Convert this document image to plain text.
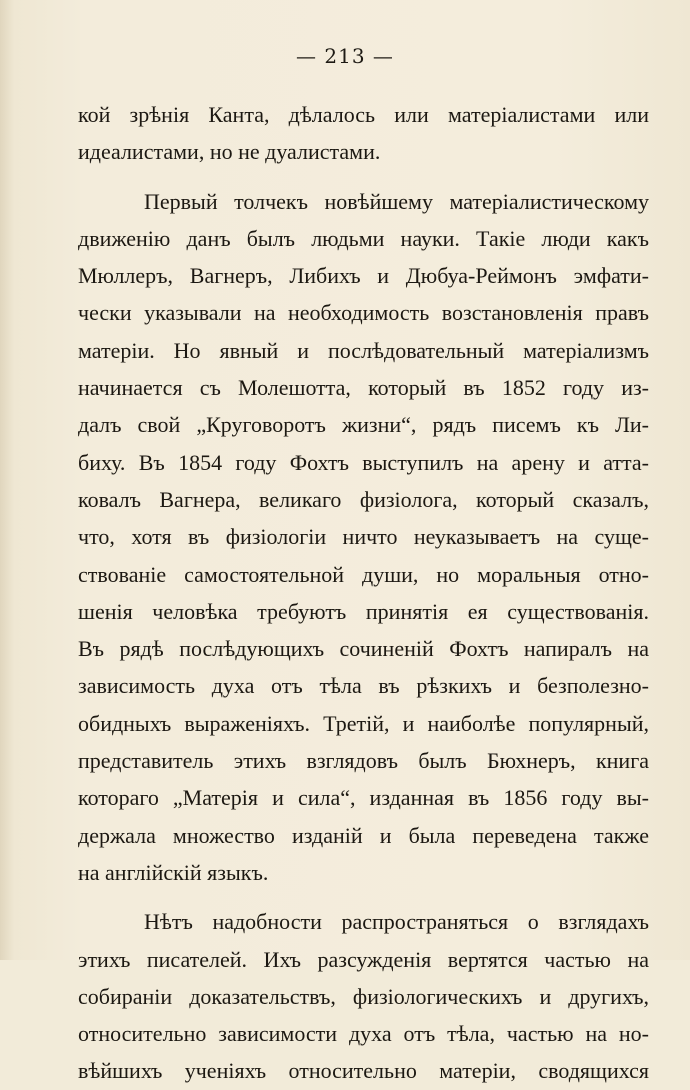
— 213 —
кой зрѣнія Канта, дѣлалось или матеріалистами или
идеалистами, но не дуалистами.
Первый толчекъ новѣйшему матеріалистическому
движенію данъ былъ людьми науки. Такіе люди какъ
Мюллеръ, Вагнеръ, Либихъ и Дюбуа-Реймонъ эмфати-
чески указывали на необходимость возстановленія правъ
матеріи. Но явный и послѣдовательный матеріализмъ
начинается съ Молешотта, который въ 1852 году из-
далъ свой „Круговоротъ жизни“, рядъ писемъ къ Ли-
биху. Въ 1854 году Фохтъ выступилъ на арену и атта-
ковалъ Вагнера, великаго физіолога, который сказалъ,
что, хотя въ физіологіи ничто неуказываетъ на суще-
ствованіе самостоятельной души, но моральныя отно-
шенія человѣка требуютъ принятія ея существованія.
Въ рядѣ послѣдующихъ сочиненій Фохтъ напиралъ на
зависимость духа отъ тѣла въ рѣзкихъ и безполезно-
обидныхъ выраженіяхъ. Третій, и наиболѣе популярный,
представитель этихъ взглядовъ былъ Бюхнеръ, книга
котораго „Матерія и сила“, изданная въ 1856 году вы-
держала множество изданій и была переведена также
на англійскій языкъ.
Нѣтъ надобности распространяться о взглядахъ
этихъ писателей. Ихъ разсужденія вертятся частью на
собираніи доказательствъ, физіологическихъ и другихъ,
относительно зависимости духа отъ тѣла, частью на но-
вѣйшихъ ученіяхъ относительно матеріи, сводящихся
